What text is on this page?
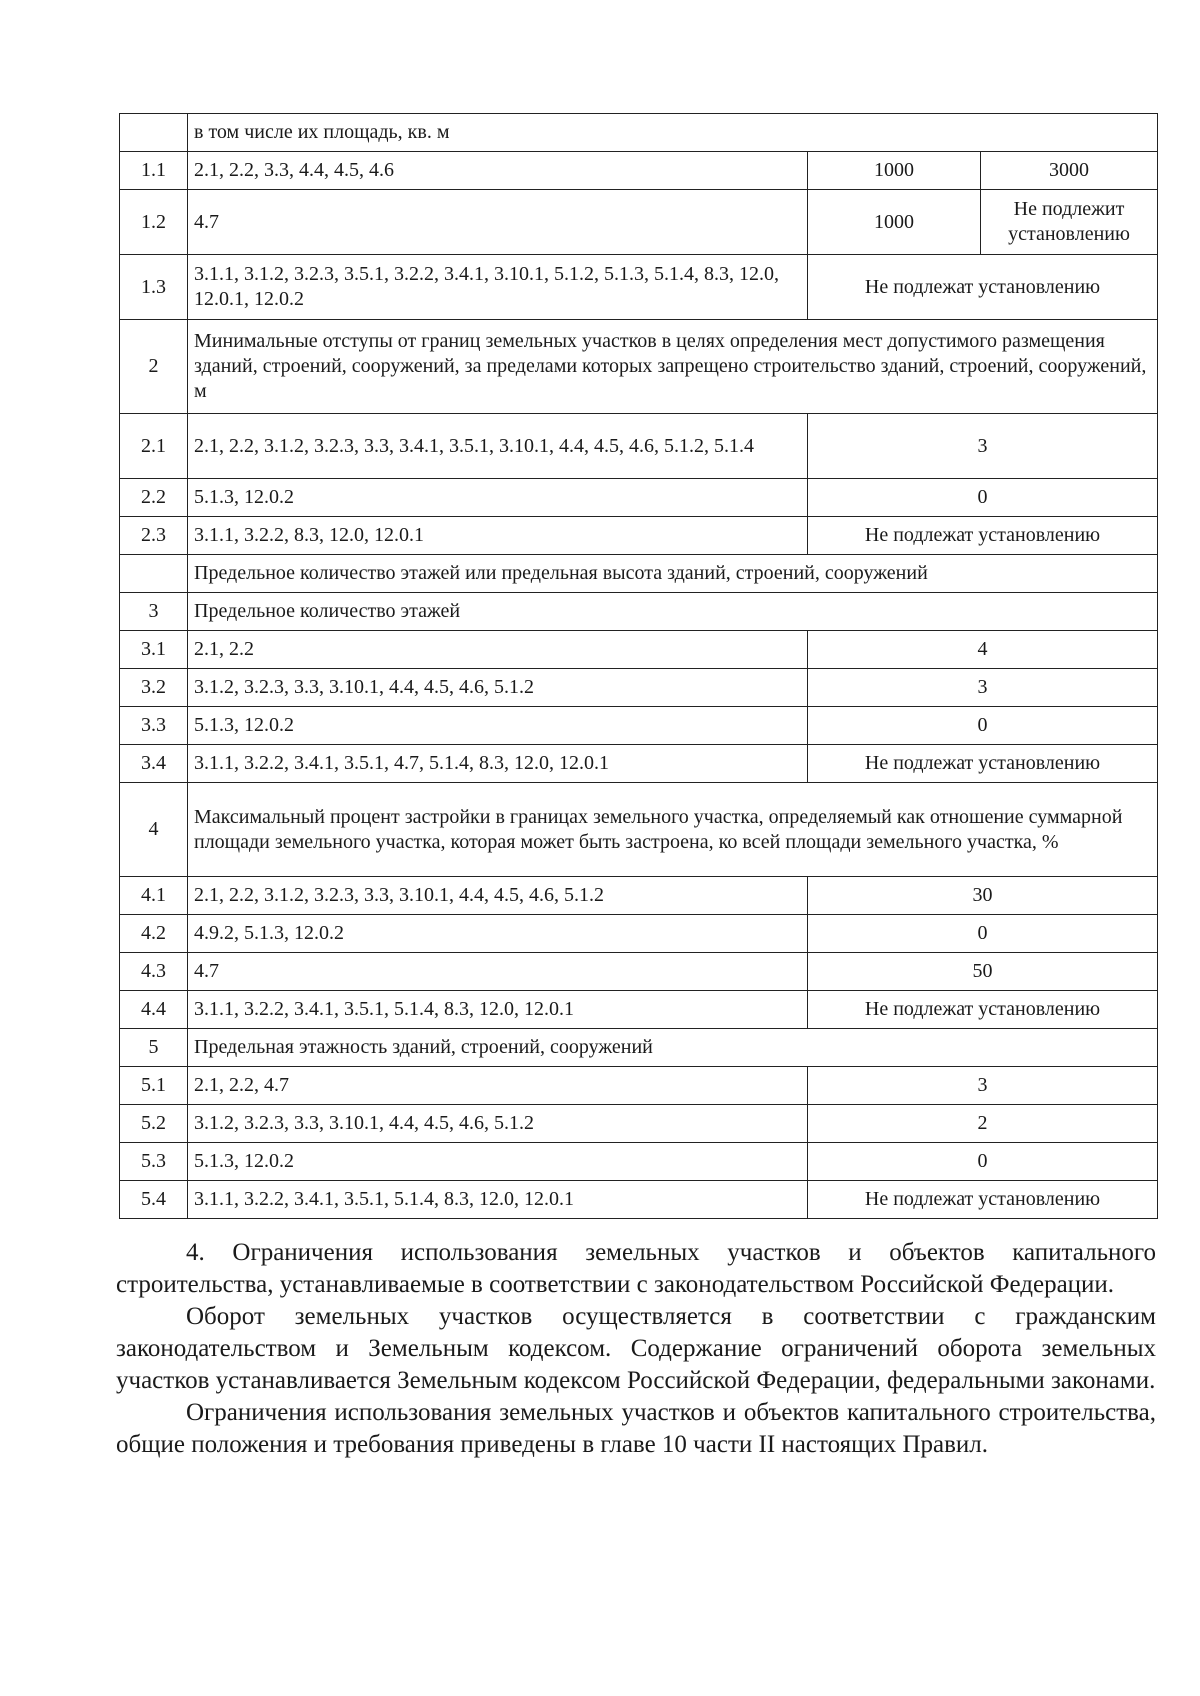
	в том числе их площадь, кв. м		
1.1	2.1, 2.2, 3.3, 4.4, 4.5, 4.6	1000	3000
1.2	4.7	1000	Не подлежит установлению
1.3	3.1.1, 3.1.2, 3.2.3, 3.5.1, 3.2.2, 3.4.1, 3.10.1, 5.1.2, 5.1.3, 5.1.4, 8.3, 12.0, 12.0.1, 12.0.2	Не подлежат установлению	
2	Минимальные отступы от границ земельных участков в целях определения мест допустимого размещения зданий, строений, сооружений, за пределами которых запрещено строительство зданий, строений, сооружений, м		
2.1	2.1, 2.2, 3.1.2, 3.2.3, 3.3, 3.4.1, 3.5.1, 3.10.1, 4.4, 4.5, 4.6, 5.1.2, 5.1.4	3	
2.2	5.1.3, 12.0.2	0	
2.3	3.1.1, 3.2.2, 8.3, 12.0, 12.0.1	Не подлежат установлению	
	Предельное количество этажей или предельная высота зданий, строений, сооружений		
3	Предельное количество этажей		
3.1	2.1, 2.2	4	
3.2	3.1.2, 3.2.3, 3.3, 3.10.1, 4.4, 4.5, 4.6, 5.1.2	3	
3.3	5.1.3, 12.0.2	0	
3.4	3.1.1, 3.2.2, 3.4.1, 3.5.1, 4.7, 5.1.4, 8.3, 12.0, 12.0.1	Не подлежат установлению	
4	Максимальный процент застройки в границах земельного участка, определяемый как отношение суммарной площади земельного участка, которая может быть застроена, ко всей площади земельного участка, %		
4.1	2.1, 2.2, 3.1.2, 3.2.3, 3.3, 3.10.1, 4.4, 4.5, 4.6, 5.1.2	30	
4.2	4.9.2, 5.1.3, 12.0.2	0	
4.3	4.7	50	
4.4	3.1.1, 3.2.2, 3.4.1, 3.5.1, 5.1.4, 8.3, 12.0, 12.0.1	Не подлежат установлению	
5	Предельная этажность зданий, строений, сооружений		
5.1	2.1, 2.2, 4.7	3	
5.2	3.1.2, 3.2.3, 3.3, 3.10.1, 4.4, 4.5, 4.6, 5.1.2	2	
5.3	5.1.3, 12.0.2	0	
5.4	3.1.1, 3.2.2, 3.4.1, 3.5.1, 5.1.4, 8.3, 12.0, 12.0.1	Не подлежат установлению	

4. Ограничения использования земельных участков и объектов капитального строительства, устанавливаемые в соответствии с законодательством Российской Федерации.

Оборот земельных участков осуществляется в соответствии с гражданским законодательством и Земельным кодексом. Содержание ограничений оборота земельных участков устанавливается Земельным кодексом Российской Федерации, федеральными законами.

Ограничения использования земельных участков и объектов капитального строительства, общие положения и требования приведены в главе 10 части II настоящих Правил.
